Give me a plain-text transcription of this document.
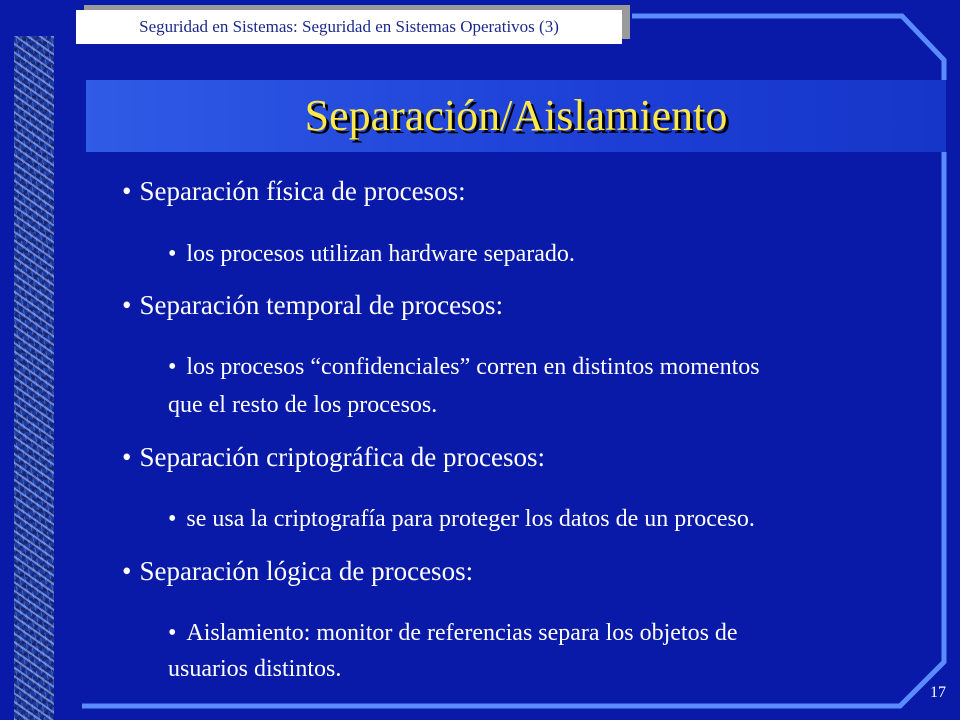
Seguridad en Sistemas: Seguridad en Sistemas Operativos (3)
Separación/Aislamiento
• Separación física de procesos:
• los procesos utilizan hardware separado.
• Separación temporal de procesos:
• los procesos “confidenciales” corren en distintos momentos
que el resto de los procesos.
• Separación criptográfica de procesos:
• se usa la criptografía para proteger los datos de un proceso.
• Separación lógica de procesos:
• Aislamiento: monitor de referencias separa los objetos de
usuarios distintos.
17
